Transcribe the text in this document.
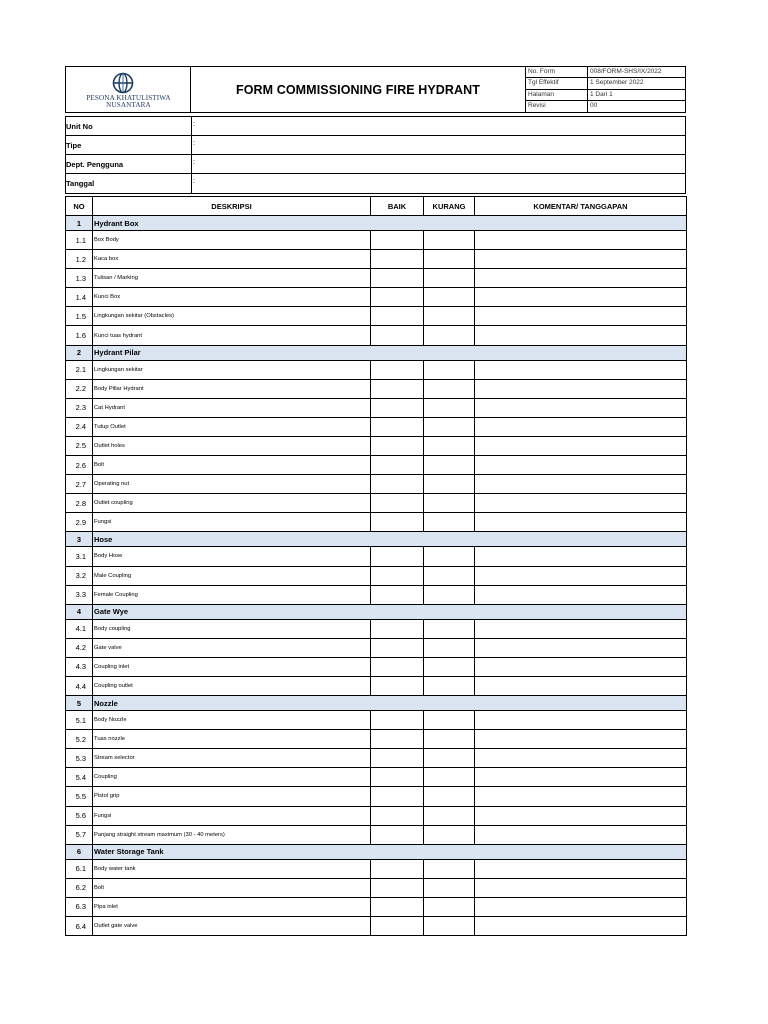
PESONA KHATULISTIWA
NUSANTARA
FORM COMMISSIONING FIRE HYDRANT
No. Form	008/FORM-SHS/IX/2022
Tgl Effektif	1 September 2022
Halaman	1 Dari 1
Revisi	00
Unit No	:
Tipe	:
Dept. Pengguna	:
Tanggal	:
NO	DESKRIPSI	BAIK	KURANG	KOMENTAR/ TANGGAPAN
1	Hydrant Box			
1.1	Box Body			
1.2	Kaca box			
1.3	Tulisan / Marking			
1.4	Kunci Box			
1.5	Lingkungan sekitar (Obstacles)			
1.6	Kunci tuas hydrant			
2	Hydrant Pilar			
2.1	Lingkungan sekitar			
2.2	Body Pillar Hydrant			
2.3	Cat Hydrant			
2.4	Tutup Outlet			
2.5	Outlet holes			
2.6	Bolt			
2.7	Operating nut			
2.8	Outlet coupling			
2.9	Fungsi			
3	Hose			
3.1	Body Hose			
3.2	Male Coupling			
3.3	Female Coupling			
4	Gate Wye			
4.1	Body coupling			
4.2	Gate valve			
4.3	Coupling inlet			
4.4	Coupling outlet			
5	Nozzle			
5.1	Body Nozzle			
5.2	Tuas nozzle			
5.3	Stream selector			
5.4	Coupling			
5.5	Pistol grip			
5.6	Fungsi			
5.7	Panjang straight stream maximum (30 - 40 meters)			
6	Water Storage Tank			
6.1	Body water tank			
6.2	Bolt			
6.3	Pipa inlet			
6.4	Outlet gate valve			
